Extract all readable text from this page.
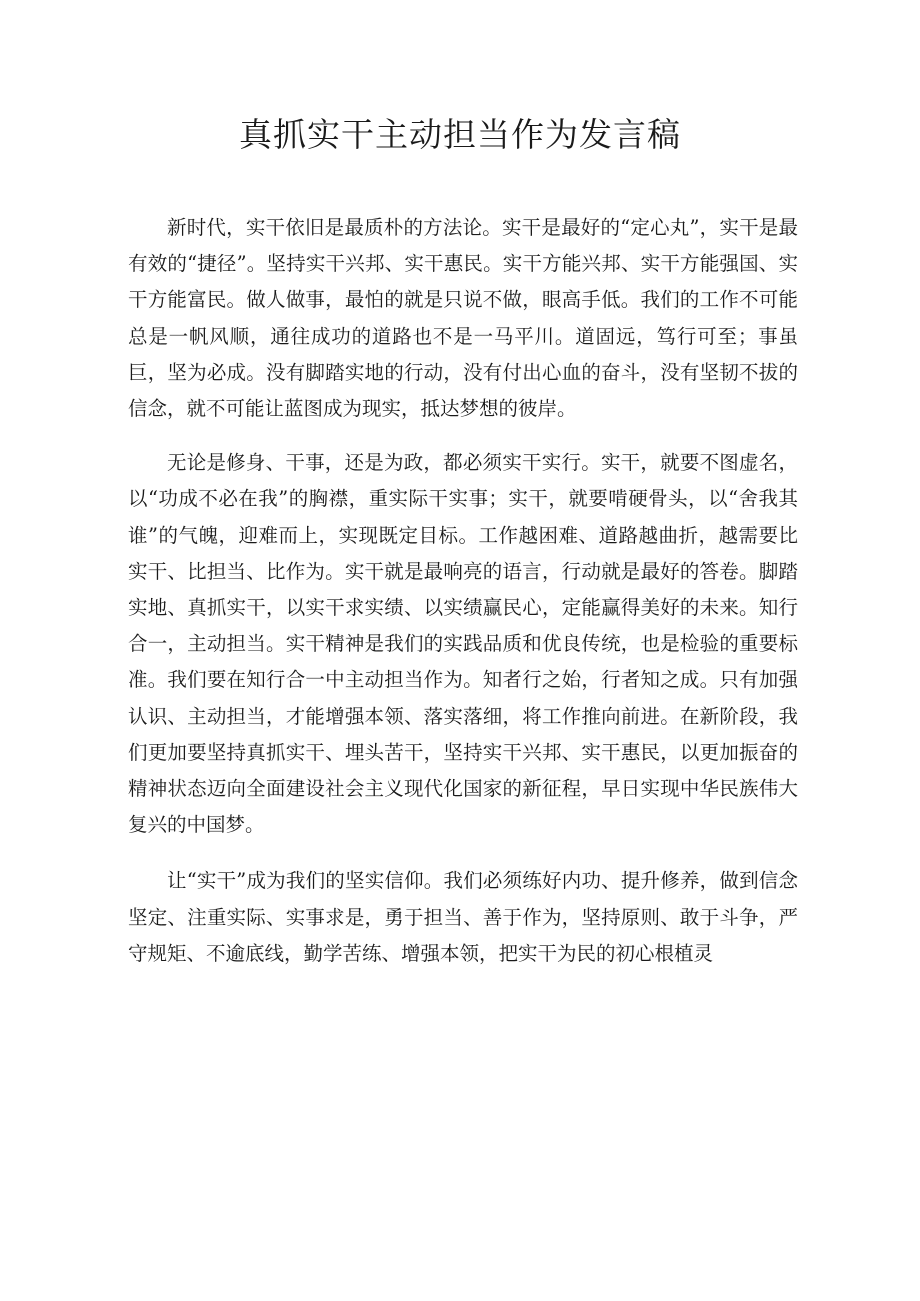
真抓实干主动担当作为发言稿

新时代，实干依旧是最质朴的方法论。实干是最好的“定心丸”，实干是最有效的“捷径”。坚持实干兴邦、实干惠民。实干方能兴邦、实干方能强国、实干方能富民。做人做事，最怕的就是只说不做，眼高手低。我们的工作不可能总是一帆风顺，通往成功的道路也不是一马平川。道固远，笃行可至；事虽巨，坚为必成。没有脚踏实地的行动，没有付出心血的奋斗，没有坚韧不拔的信念，就不可能让蓝图成为现实，抵达梦想的彼岸。

无论是修身、干事，还是为政，都必须实干实行。实干，就要不图虚名，以“功成不必在我”的胸襟，重实际干实事；实干，就要啃硬骨头，以“舍我其谁”的气魄，迎难而上，实现既定目标。工作越困难、道路越曲折，越需要比实干、比担当、比作为。实干就是最响亮的语言，行动就是最好的答卷。脚踏实地、真抓实干，以实干求实绩、以实绩赢民心，定能赢得美好的未来。知行合一，主动担当。实干精神是我们的实践品质和优良传统，也是检验的重要标准。我们要在知行合一中主动担当作为。知者行之始，行者知之成。只有加强认识、主动担当，才能增强本领、落实落细，将工作推向前进。在新阶段，我们更加要坚持真抓实干、埋头苦干，坚持实干兴邦、实干惠民，以更加振奋的精神状态迈向全面建设社会主义现代化国家的新征程，早日实现中华民族伟大复兴的中国梦。

让“实干”成为我们的坚实信仰。我们必须练好内功、提升修养，做到信念坚定、注重实际、实事求是，勇于担当、善于作为，坚持原则、敢于斗争，严守规矩、不逾底线，勤学苦练、增强本领，把实干为民的初心根植灵
